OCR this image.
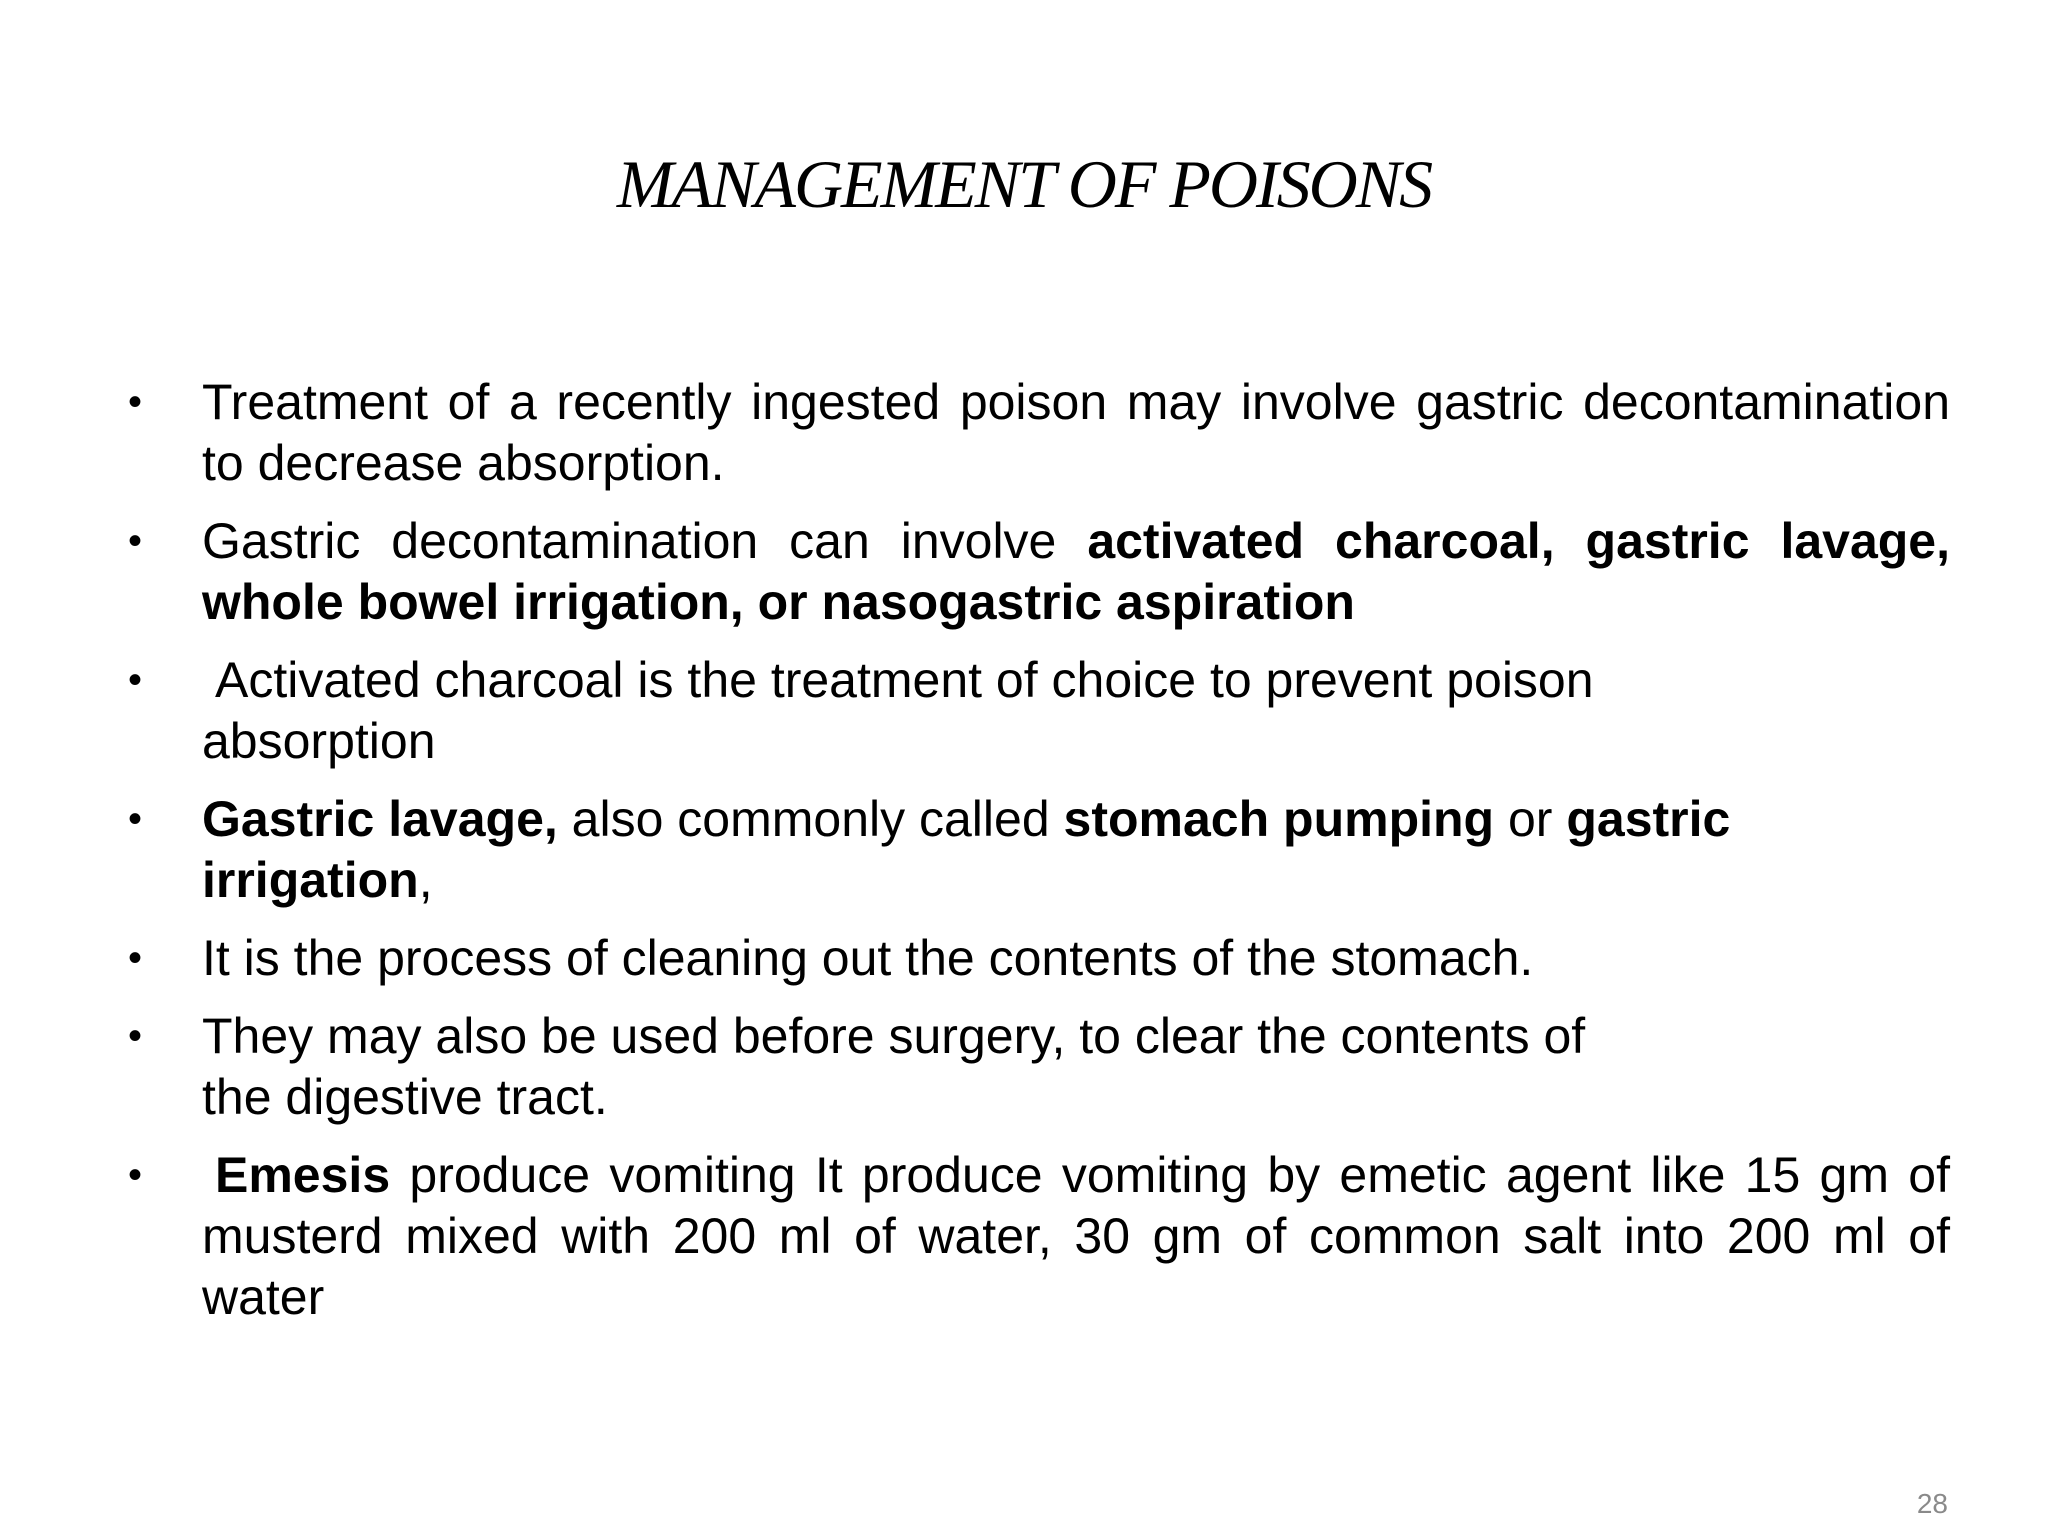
MANAGEMENT OF POISONS
• Treatment of a recently ingested poison may involve gastric decontamination to decrease absorption.
• Gastric decontamination can involve activated charcoal, gastric lavage, whole bowel irrigation, or nasogastric aspiration
• Activated charcoal is the treatment of choice to prevent poison
absorption
• Gastric lavage, also commonly called stomach pumping or gastric irrigation,
• It is the process of cleaning out the contents of the stomach.
• They may also be used before surgery, to clear the contents of
the digestive tract.
• Emesis produce vomiting It produce vomiting by emetic agent like 15 gm of musterd mixed with 200 ml of water, 30 gm of common salt into 200 ml of water
28
